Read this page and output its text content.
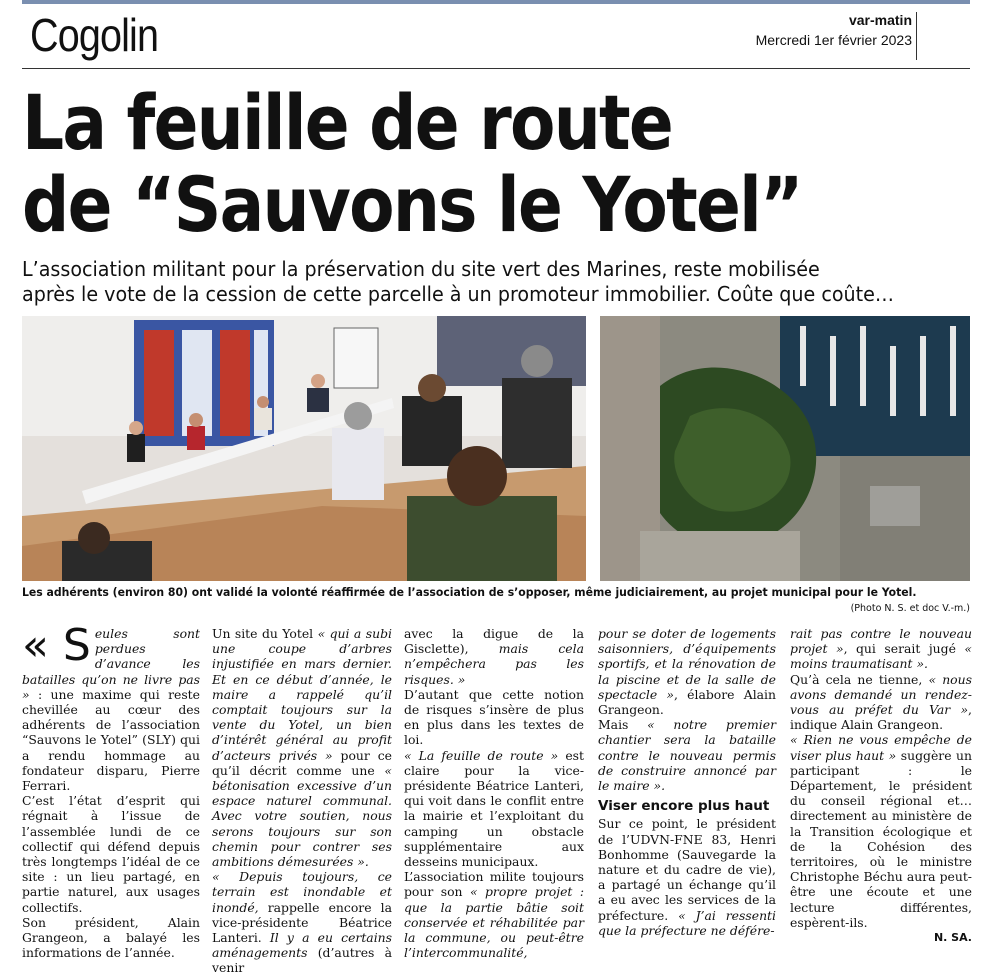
Cogolin	var-matin
Mercredi 1er février 2023
La feuille de route
de “Sauvons le Yotel”
L’association militant pour la préservation du site vert des Marines, reste mobilisée
après le vote de la cession de cette parcelle à un promoteur immobilier. Coûte que coûte…
Les adhérents (environ 80) ont validé la volonté réaffirmée de l’association de s’opposer, même judiciairement, au projet municipal pour le Yotel.
(Photo N. S. et doc V.-m.)

« S eules sont perdues d’avance les batailles qu’on ne livre pas » : une maxime qui reste chevillée au cœur des adhérents de l’association “Sauvons le Yotel” (SLY) qui a rendu hommage au fondateur disparu, Pierre Ferrari.

C’est l’état d’esprit qui régnait à l’issue de l’assemblée lundi de ce collectif qui défend depuis très longtemps l’idéal de ce site : un lieu partagé, en partie naturel, aux usages collectifs.

Son président, Alain Grangeon, a balayé les informations de l’année.

Un site du Yotel « qui a subi une coupe d’arbres injustifiée en mars dernier. Et en ce début d’année, le maire a rappelé qu’il comptait toujours sur la vente du Yotel, un bien d’intérêt général au profit d’acteurs privés » pour ce qu’il décrit comme une « bétonisation excessive d’un espace naturel communal. Avec votre soutien, nous serons toujours sur son chemin pour contrer ses ambitions démesurées ».

« Depuis toujours, ce terrain est inondable et inondé, rappelle encore la vice-présidente Béatrice Lanteri. Il y a eu certains aménagements (d’autres à venir

avec la digue de la Gisclette), mais cela n’empêchera pas les risques. »

D’autant que cette notion de risques s’insère de plus en plus dans les textes de loi.

« La feuille de route » est claire pour la vice-présidente Béatrice Lanteri, qui voit dans le conflit entre la mairie et l’exploitant du camping un obstacle supplémentaire aux desseins municipaux.

L’association milite toujours pour son « propre projet : que la partie bâtie soit conservée et réhabilitée par la commune, ou peut-être l’intercommunalité,

pour se doter de logements saisonniers, d’équipements sportifs, et la rénovation de la piscine et de la salle de spectacle », élabore Alain Grangeon.

Mais « notre premier chantier sera la bataille contre le nouveau permis de construire annoncé par le maire ».

Viser encore plus haut

Sur ce point, le président de l’UDVN-FNE 83, Henri Bonhomme (Sauvegarde la nature et du cadre de vie), a partagé un échange qu’il a eu avec les services de la préfecture. « J’ai ressenti que la préfecture ne défére-

rait pas contre le nouveau projet », qui serait jugé « moins traumatisant ».

Qu’à cela ne tienne, « nous avons demandé un rendez-vous au préfet du Var », indique Alain Grangeon.

« Rien ne vous empêche de viser plus haut » suggère un participant : le Département, le président du conseil régional et… directement au ministère de la Transition écologique et de la Cohésion des territoires, où le ministre Christophe Béchu aura peut-être une écoute et une lecture différentes, espèrent-ils.

N. SA.
